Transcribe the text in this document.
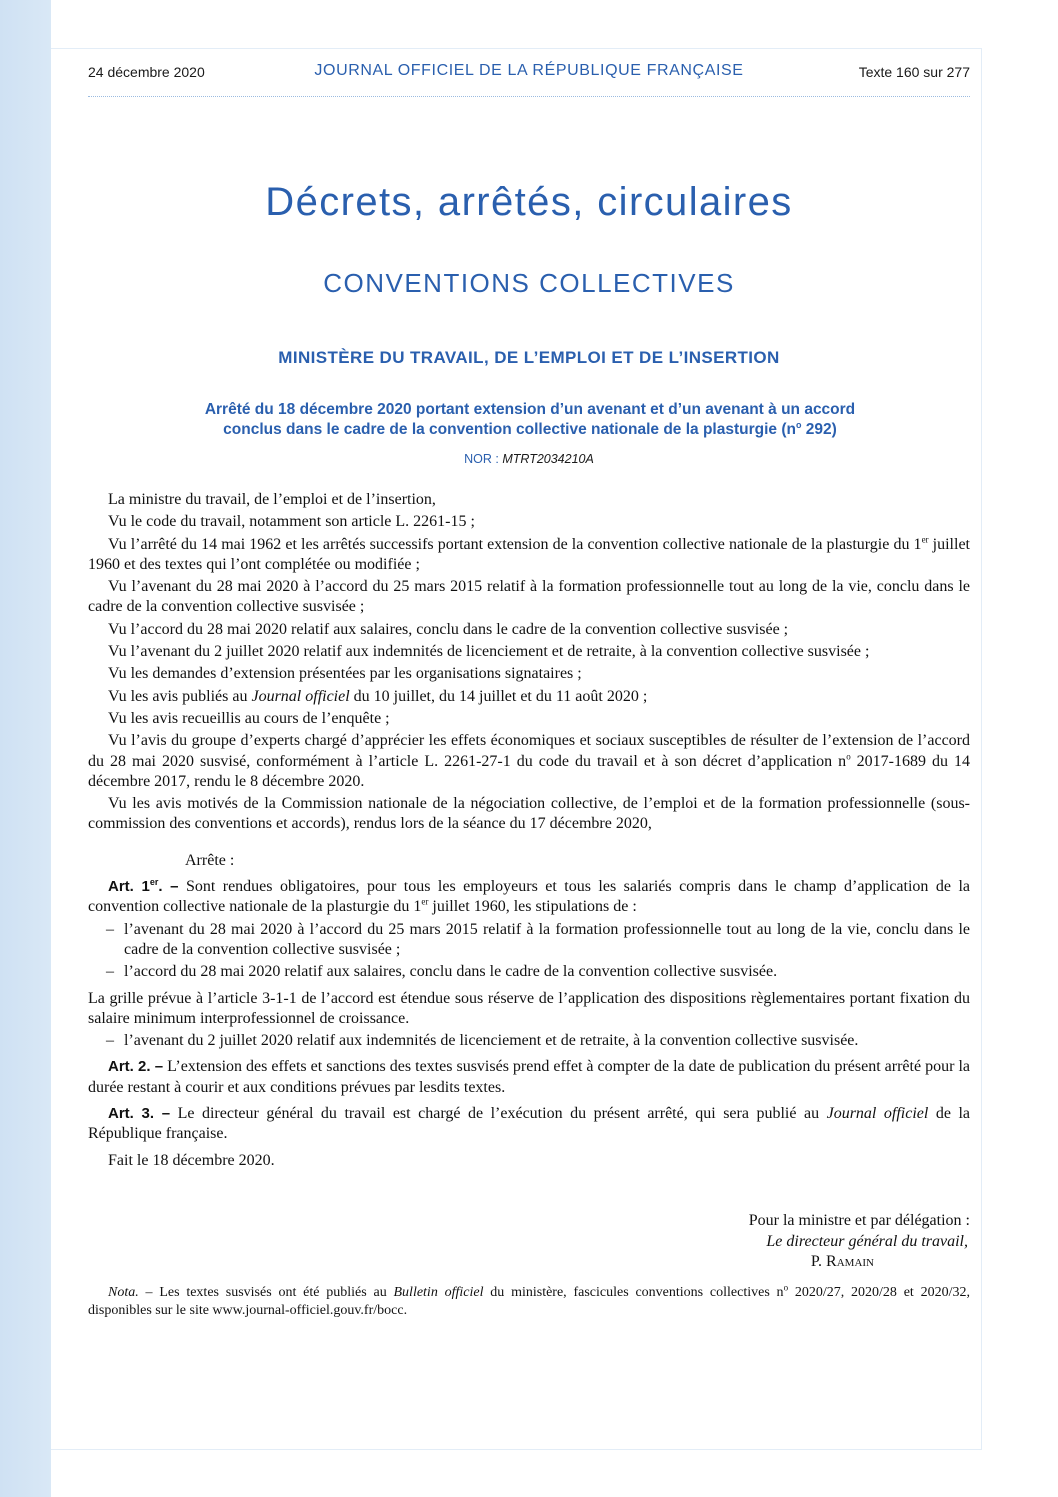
24 décembre 2020	JOURNAL OFFICIEL DE LA RÉPUBLIQUE FRANÇAISE	Texte 160 sur 277
Décrets, arrêtés, circulaires
CONVENTIONS COLLECTIVES
MINISTÈRE DU TRAVAIL, DE L’EMPLOI ET DE L’INSERTION
Arrêté du 18 décembre 2020 portant extension d’un avenant et d’un avenant à un accord
conclus dans le cadre de la convention collective nationale de la plasturgie ($n^o$ 292)
NOR : MTRT2034210A

La ministre du travail, de l’emploi et de l’insertion,

Vu le code du travail, notamment son article L. 2261-15 ;

Vu l’arrêté du 14 mai 1962 et les arrêtés successifs portant extension de la convention collective nationale de la plasturgie du 1er juillet 1960 et des textes qui l’ont complétée ou modifiée ;

Vu l’avenant du 28 mai 2020 à l’accord du 25 mars 2015 relatif à la formation professionnelle tout au long de la vie, conclu dans le cadre de la convention collective susvisée ;

Vu l’accord du 28 mai 2020 relatif aux salaires, conclu dans le cadre de la convention collective susvisée ;

Vu l’avenant du 2 juillet 2020 relatif aux indemnités de licenciement et de retraite, à la convention collective susvisée ;

Vu les demandes d’extension présentées par les organisations signataires ;

Vu les avis publiés au Journal officiel du 10 juillet, du 14 juillet et du 11 août 2020 ;

Vu les avis recueillis au cours de l’enquête ;

Vu l’avis du groupe d’experts chargé d’apprécier les effets économiques et sociaux susceptibles de résulter de l’extension de l’accord du 28 mai 2020 susvisé, conformément à l’article L. 2261-27-1 du code du travail et à son décret d’application $n^o$ 2017-1689 du 14 décembre 2017, rendu le 8 décembre 2020.

Vu les avis motivés de la Commission nationale de la négociation collective, de l’emploi et de la formation professionnelle (sous-commission des conventions et accords), rendus lors de la séance du 17 décembre 2020,

Arrête :

Art. 1er. – Sont rendues obligatoires, pour tous les employeurs et tous les salariés compris dans le champ d’application de la convention collective nationale de la plasturgie du 1er juillet 1960, les stipulations de :

– l’avenant du 28 mai 2020 à l’accord du 25 mars 2015 relatif à la formation professionnelle tout au long de la vie, conclu dans le cadre de la convention collective susvisée ;

– l’accord du 28 mai 2020 relatif aux salaires, conclu dans le cadre de la convention collective susvisée.

La grille prévue à l’article 3-1-1 de l’accord est étendue sous réserve de l’application des dispositions règlementaires portant fixation du salaire minimum interprofessionnel de croissance.

– l’avenant du 2 juillet 2020 relatif aux indemnités de licenciement et de retraite, à la convention collective susvisée.

Art. 2. – L’extension des effets et sanctions des textes susvisés prend effet à compter de la date de publication du présent arrêté pour la durée restant à courir et aux conditions prévues par lesdits textes.

Art. 3. – Le directeur général du travail est chargé de l’exécution du présent arrêté, qui sera publié au Journal officiel de la République française.

Fait le 18 décembre 2020.

Pour la ministre et par délégation :
Le directeur général du travail,
P. Ramain
Nota. – Les textes susvisés ont été publiés au Bulletin officiel du ministère, fascicules conventions collectives $n^o$ 2020/27, 2020/28 et 2020/32, disponibles sur le site www.journal-officiel.gouv.fr/bocc.
